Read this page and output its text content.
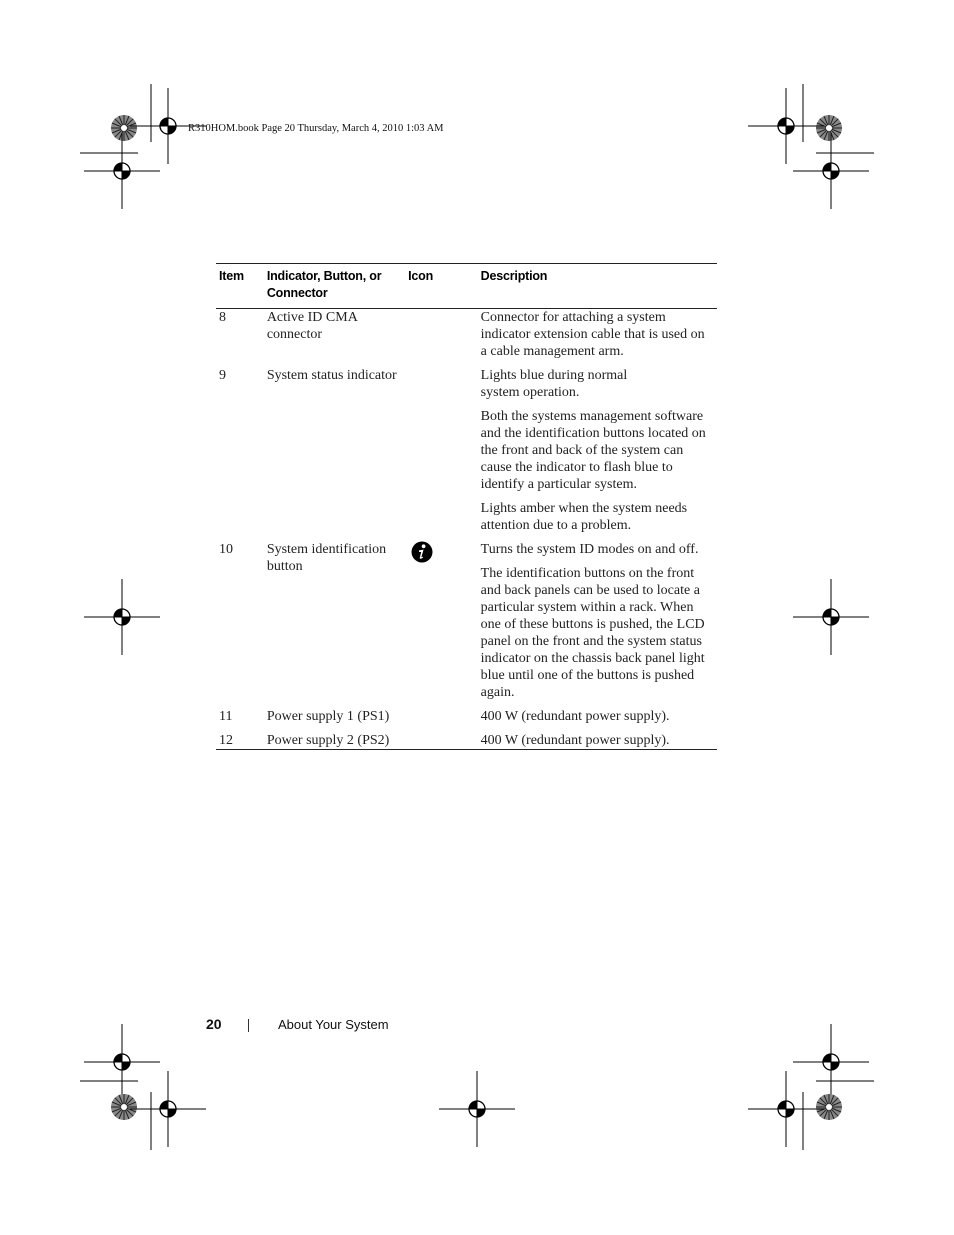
R310HOM.book Page 20 Thursday, March 4, 2010 1:03 AM
Item	Indicator, Button, or Connector	Icon	Description
8	Active ID CMA connector		Connector for attaching a system indicator extension cable that is used on a cable management arm.

9	System status indicator		Lights blue during normal system operation.
Both the systems management software and the identification buttons located on the front and back of the system can cause the indicator to flash blue to identify a particular system.
Lights amber when the system needs attention due to a problem.

10	System identification button		Turns the system ID modes on and off.
The identification buttons on the front and back panels can be used to locate a particular system within a rack. When one of these buttons is pushed, the LCD panel on the front and the system status indicator on the chassis back panel light blue until one of the buttons is pushed again.

11	Power supply 1 (PS1)		400 W (redundant power supply).

12	Power supply 2 (PS2)		400 W (redundant power supply).
20	About Your System
